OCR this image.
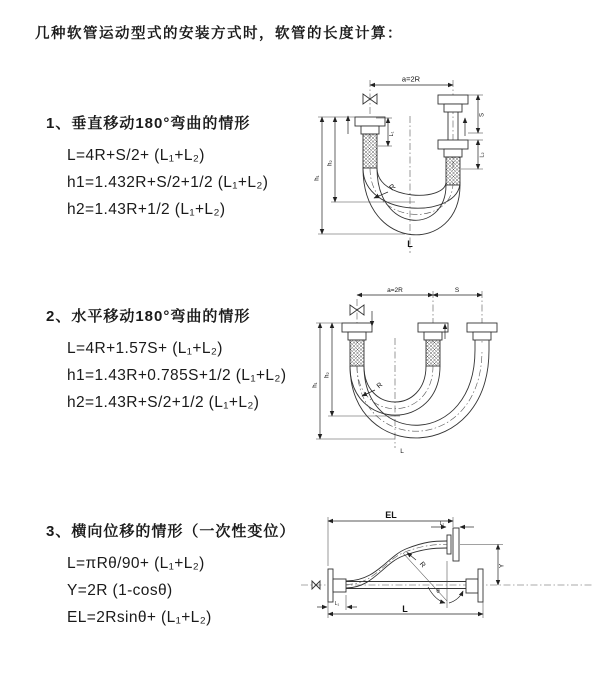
几种软管运动型式的安装方式时，软管的长度计算：
1、垂直移动180°弯曲的情形
L=4R+S/2+ (L₁+L₂)
h1=1.432R+S/2+1/2 (L₁+L₂)
h2=1.43R+1/2 (L₁+L₂)
2、水平移动180°弯曲的情形
L=4R+1.57S+ (L₁+L₂)
h1=1.43R+0.785S+1/2 (L₁+L₂)
h2=1.43R+S/2+1/2 (L₁+L₂)
3、横向位移的情形（一次性变位）
L=πRθ/90+ (L₁+L₂)
Y=2R (1-cosθ)
EL=2Rsinθ+ (L₁+L₂)
a=2R
L₁
S
L₂
h₁
h₂
R
L
a=2R	S
h₁
h₂
R
L
EL
L₂
θ
R	Y
L₁	L
